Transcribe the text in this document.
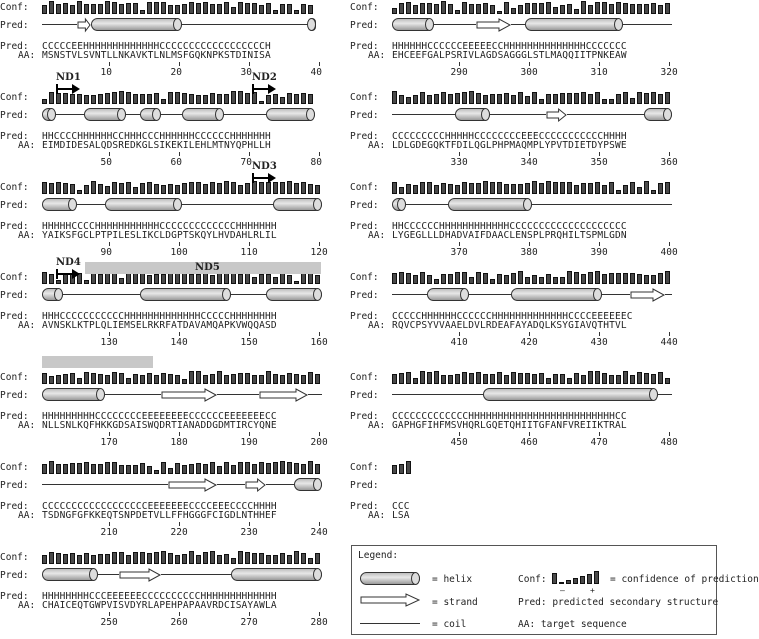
Conf:
Pred:
Pred:
AA:
CCCCCEEHHHHHHHHHHHHHCCCCCCCCCCCCCCCCCCH
MSNSTVLSVNTLLNKAVKTLNLMSFGQKNPKSTDINISA
10	20	30	40
Conf:
Pred:
Pred:
AA:
HHCCCCHHHHHHCCHHHCCCHHHHHHCCCCCCHHHHHHH
EIMDIDESALQDSREDKGLSIKEKILEHLMTNYQPHLLH
50	60	70	80
Conf:
Pred:
Pred:
AA:
HHHHHCCCCHHHHHHHHHHHCCCCCCCCCCCCCHHHHHHH
YAIKSFGCLPTPILESLIKCLDGPTSKQYLHVDAHLRLIL
90	100	110	120
Conf:
Pred:
Pred:
AA:
HHHCCCCCCCCCCCHHHHHHHHHHHHHCCCCCHHHHHHHH
AVNSKLKTPLQLIEMSELRKRFATDAVAMQAPKVWQQASD
130	140	150	160
Conf:
Pred:
Pred:
AA:
HHHHHHHHHCCCCCCCCEEEEEEEECCCCCCEEEEEEECC
NLLSNLKQFHKKGDSAISWQDRTIANADDGDMTIRCYQNE
170	180	190	200
Conf:
Pred:
Pred:
AA:
CCCCCCCCCCCCCCCCCCEEEEEEECCCCEEECCCCHHHH
TSDNGFGFKKEQTSNPDETVLLFFHGGGFCIGDLNTHHEF
210	220	230	240
Conf:
Pred:
Pred:
AA:
HHHHHHHHCCCEEEEEECCCCCCCCCCHHHHHHHHHHHHH
CHAICEQTGWPVISVDYRLAPEHPAPAAVRDCISAYAWLA
250	260	270	280
Conf:
Pred:
Pred:
AA:
HHHHHHCCCCCCEEEEECCHHHHHHHHHHHHHHCCCCCCC
EHCEEFGALPSRIVLAGDSAGGGLSTLMAQQIITPNKEAW
290	300	310	320
Conf:
Pred:
Pred:
AA:
CCCCCCCCCHHHHHCCCCCCCCEEECCCCCCCCCCCHHHH
LDLGDEGQKTFDILQGLPHPMAQMPLYPVTDIETDYPSWE
330	340	350	360
Conf:
Pred:
Pred:
AA:
HHCCCCCCHHHHHHHHHHHHCCCCCCCCCCCCCCCCCCCC
LYGEGLLLDHADVAIFDAACLENSPLPRQHILTSPMLGDN
370	380	390	400
Conf:
Pred:
Pred:
AA:
CCCCCHHHHHHCCCCCCHHHHHHHHHHHHHCCCCEEEEEEC
RQVCPSYVVAAELDVLRDEAFAYADQLKSYGIAVQTHTVL
410	420	430	440
Conf:
Pred:
Pred:
AA:
CCCCCCCCCCCCCHHHHHHHHHHHHHHHHHHHHHHHHHCC
GAPHGFIHFMSVHQRLGQETQHIITGFANFVREIIKTRAL
450	460	470	480
Conf:
Pred:
Pred:
AA:
CCC
LSA
ND1	ND2
ND3
ND4	ND5
Legend:
= helix
= strand
= coil
Conf:
–	+
= confidence of prediction
Pred: predicted secondary structure
AA: target sequence
